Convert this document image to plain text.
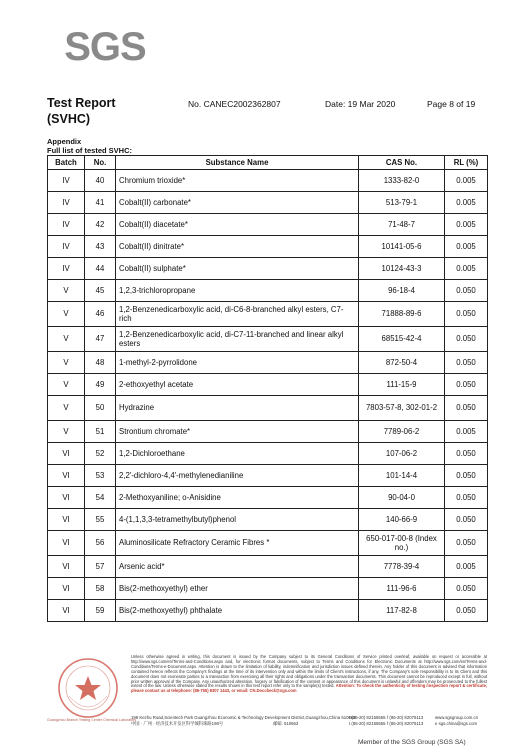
SGS
Test Report
(SVHC)
No. CANEC2002362807	Date: 19 Mar 2020	Page 8 of 19
Appendix
Full list of tested SVHC:
Batch	No.	Substance Name	CAS No.	RL (%)
IV	40	Chromium trioxide*	1333-82-0	0.005
IV	41	Cobalt(II) carbonate*	513-79-1	0.005
IV	42	Cobalt(II) diacetate*	71-48-7	0.005
IV	43	Cobalt(II) dinitrate*	10141-05-6	0.005
IV	44	Cobalt(II) sulphate*	10124-43-3	0.005
V	45	1,2,3-trichloropropane	96-18-4	0.050
V	46	1,2-Benzenedicarboxylic acid, di-C6-8-branched alkyl esters, C7-rich	71888-89-6	0.050
V	47	1,2-Benzenedicarboxylic acid, di-C7-11-branched and linear alkyl esters	68515-42-4	0.050
V	48	1-methyl-2-pyrrolidone	872-50-4	0.050
V	49	2-ethoxyethyl acetate	111-15-9	0.050
V	50	Hydrazine	7803-57-8, 302-01-2	0.050
V	51	Strontium chromate*	7789-06-2	0.005
VI	52	1,2-Dichloroethane	107-06-2	0.050
VI	53	2,2'-dichloro-4,4'-methylenedianiline	101-14-4	0.050
VI	54	2-Methoxyaniline; o-Anisidine	90-04-0	0.050
VI	55	4-(1,1,3,3-tetramethylbutyl)phenol	140-66-9	0.050
VI	56	Aluminosilicate Refractory Ceramic Fibres *	650-017-00-8 (Index no.)	0.050
VI	57	Arsenic acid*	7778-39-4	0.005
VI	58	Bis(2-methoxyethyl) ether	111-96-6	0.050
VI	59	Bis(2-methoxyethyl) phthalate	117-82-8	0.050
Guangzhou Branch Testing Center Chemical Laboratory
Unless otherwise agreed in writing, this document is issued by the Company subject to its General Conditions of Service printed overleaf, available on request or accessible at http://www.sgs.com/en/Terms-and-Conditions.aspx and, for electronic format documents, subject to Terms and Conditions for Electronic Documents at http://www.sgs.com/en/Terms-and-Conditions/Terms-e-Document.aspx. Attention is drawn to the limitation of liability, indemnification and jurisdiction issues defined therein. Any holder of this document is advised that information contained hereon reflects the Company's findings at the time of its intervention only and within the limits of Client's instructions, if any. The Company's sole responsibility is to its Client and this document does not exonerate parties to a transaction from exercising all their rights and obligations under the transaction documents. This document cannot be reproduced except in full, without prior written approval of the Company. Any unauthorized alteration, forgery or falsification of the content or appearance of this document is unlawful and offenders may be prosecuted to the fullest extent of the law. Unless otherwise stated the results shown in this test report refer only to the sample(s) tested. Attention: To check the authenticity of testing /inspection report & certificate, please contact us at telephone: (86-755) 8307 1443, or email: CN.Doccheck@sgs.com
198 Kezhu Road,Scientech Park Guangzhou Economic & Technology Development District,Guangzhou,China 510663
t (86-20) 82155555 f (86-20) 82075113	www.sgsgroup.com.cn
中国 · 广州 · 经济技术开发区科学城科珠路198号	邮编: 510663	t (86-20) 82155555 f (86-20) 82075113	e sgs.china@sgs.com
Member of the SGS Group (SGS SA)
